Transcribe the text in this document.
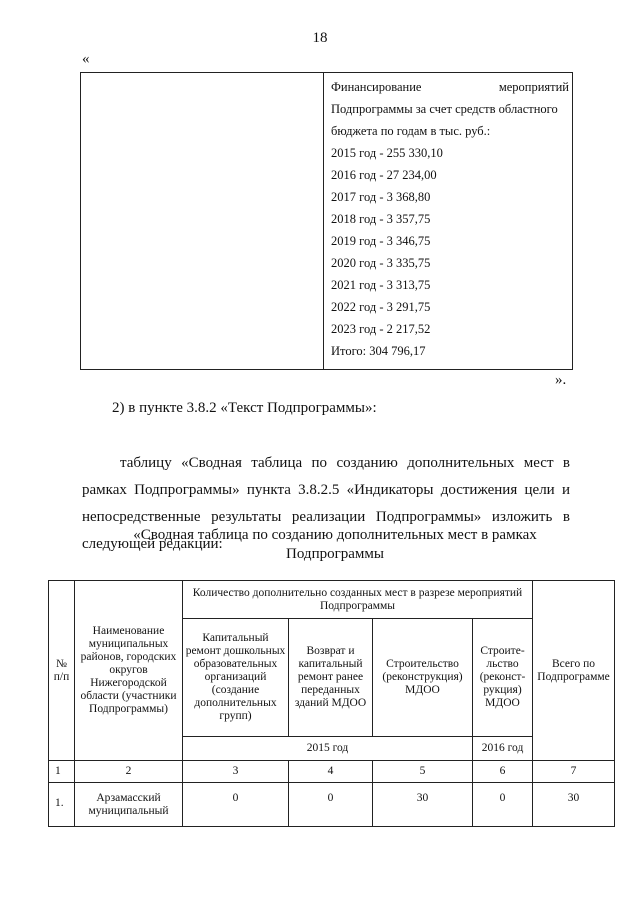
18
«
Финансирование	мероприятий
Подпрограммы за счет средств областного
бюджета по годам в тыс. руб.:
2015 год - 255 330,10
2016 год - 27 234,00
2017 год - 3 368,80
2018 год - 3 357,75
2019 год - 3 346,75
2020 год - 3 335,75
2021 год - 3 313,75
2022 год - 3 291,75
2023 год - 2 217,52
Итого: 304 796,17
».
2) в пункте 3.8.2 «Текст Подпрограммы»:
таблицу «Сводная таблица по созданию дополнительных мест в рамках Подпрограммы» пункта 3.8.2.5 «Индикаторы достижения цели и непосредственные результаты реализации Подпрограммы» изложить в следующей редакции:
«Сводная таблица по созданию дополнительных мест в рамках
Подпрограммы
№ п/п	Наименование муниципальных районов, городских округов Нижегородской области (участники Подпрограммы)	Количество дополнительно созданных мест в разрезе мероприятий Подпрограммы				Всего по Подпрограмме
		Капитальный ремонт дошкольных образовательных организаций (создание дополнительных групп)	Возврат и капитальный ремонт ранее переданных зданий МДОО	Строительство (реконструкция) МДОО	Строите-льство (реконст-рукция) МДОО	
		2015 год			2016 год	
1	2	3	4	5	6	7
1.	Арзамасский муниципальный	0	0	30	0	30
